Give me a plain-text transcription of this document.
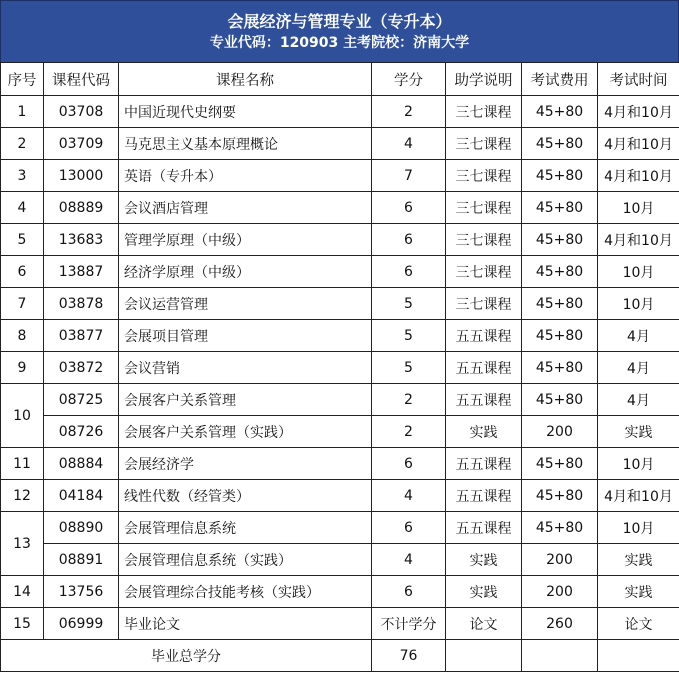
会展经济与管理专业（专升本）
专业代码：120903 主考院校：济南大学
序号	课程代码	课程名称	学分	助学说明	考试费用	考试时间
1	03708	中国近现代史纲要	2	三七课程	45+80	4月和10月
2	03709	马克思主义基本原理概论	4	三七课程	45+80	4月和10月
3	13000	英语（专升本）	7	三七课程	45+80	4月和10月
4	08889	会议酒店管理	6	三七课程	45+80	10月
5	13683	管理学原理（中级）	6	三七课程	45+80	4月和10月
6	13887	经济学原理（中级）	6	三七课程	45+80	10月
7	03878	会议运营管理	5	三七课程	45+80	10月
8	03877	会展项目管理	5	五五课程	45+80	4月
9	03872	会议营销	5	五五课程	45+80	4月
10	08725	会展客户关系管理	2	五五课程	45+80	4月
	08726	会展客户关系管理（实践）	2	实践	200	实践
11	08884	会展经济学	6	五五课程	45+80	10月
12	04184	线性代数（经管类）	4	五五课程	45+80	4月和10月
13	08890	会展管理信息系统	6	五五课程	45+80	10月
	08891	会展管理信息系统（实践）	4	实践	200	实践
14	13756	会展管理综合技能考核（实践）	6	实践	200	实践
15	06999	毕业论文	不计学分	论文	260	论文
毕业总学分			76			
